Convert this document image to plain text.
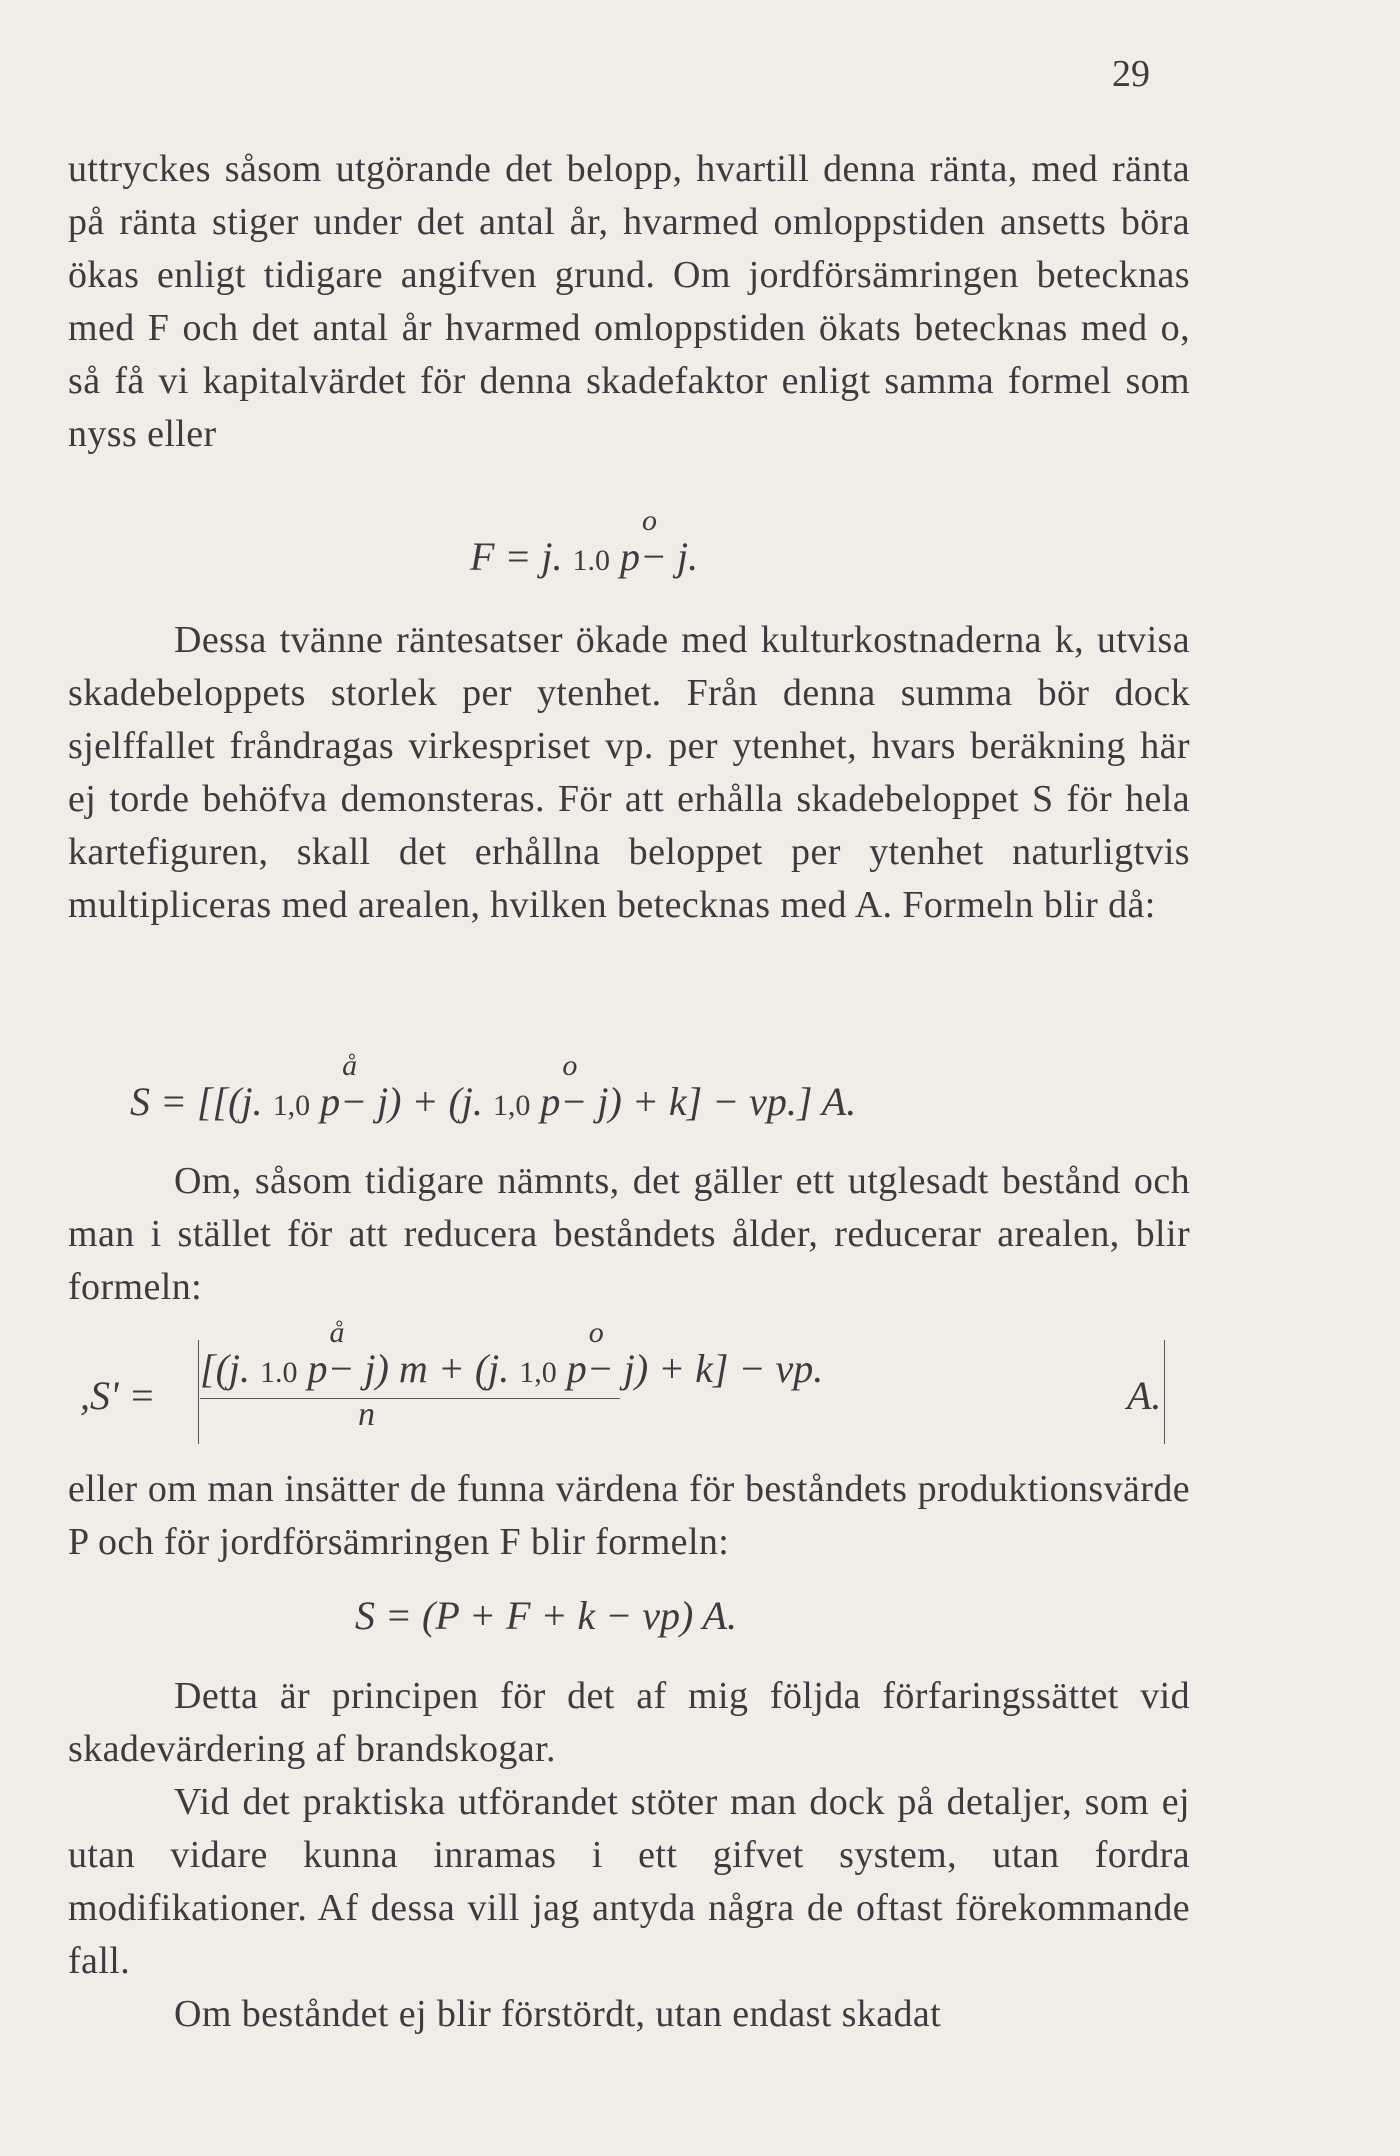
29
uttryckes såsom utgörande det belopp, hvartill denna ränta, med ränta på ränta stiger under det antal år, hvarmed omloppstiden ansetts böra ökas enligt tidigare angifven grund. Om jordförsämringen betecknas med F och det antal år hvarmed omloppstiden ökats betecknas med o, så få vi kapitalvärdet för denna skadefaktor enligt samma formel som nyss eller
F = j. 1.0 p
o
− j.
Dessa tvänne räntesatser ökade med kulturkostnaderna k, utvisa skadebeloppets storlek per ytenhet. Från denna summa bör dock sjelffallet fråndragas virkespriset vp. per ytenhet, hvars beräkning här ej torde behöfva demonsteras. För att erhålla skadebeloppet S för hela kartefiguren, skall det erhållna beloppet per ytenhet naturligtvis multipliceras med arealen, hvilken betecknas med A. Formeln blir då:
S = [[(j. 1,0 p
å
− j) + (j. 1,0 p
o
− j) + k] − vp.] A.
Om, såsom tidigare nämnts, det gäller ett utglesadt bestånd och man i stället för att reducera beståndets ålder, reducerar arealen, blir formeln:
,S' =
[(j. 1.0 p
å
− j) m + (j. 1,0 p
o
− j) + k] − vp.
n	A.
eller om man insätter de funna värdena för beståndets produktionsvärde P och för jordförsämringen F blir formeln:
S = (P + F + k − vp) A.
Detta är principen för det af mig följda förfaringssättet vid skadevärdering af brandskogar.
Vid det praktiska utförandet stöter man dock på detaljer, som ej utan vidare kunna inramas i ett gifvet system, utan fordra modifikationer. Af dessa vill jag antyda några de oftast förekommande fall.
Om beståndet ej blir förstördt, utan endast skadat
